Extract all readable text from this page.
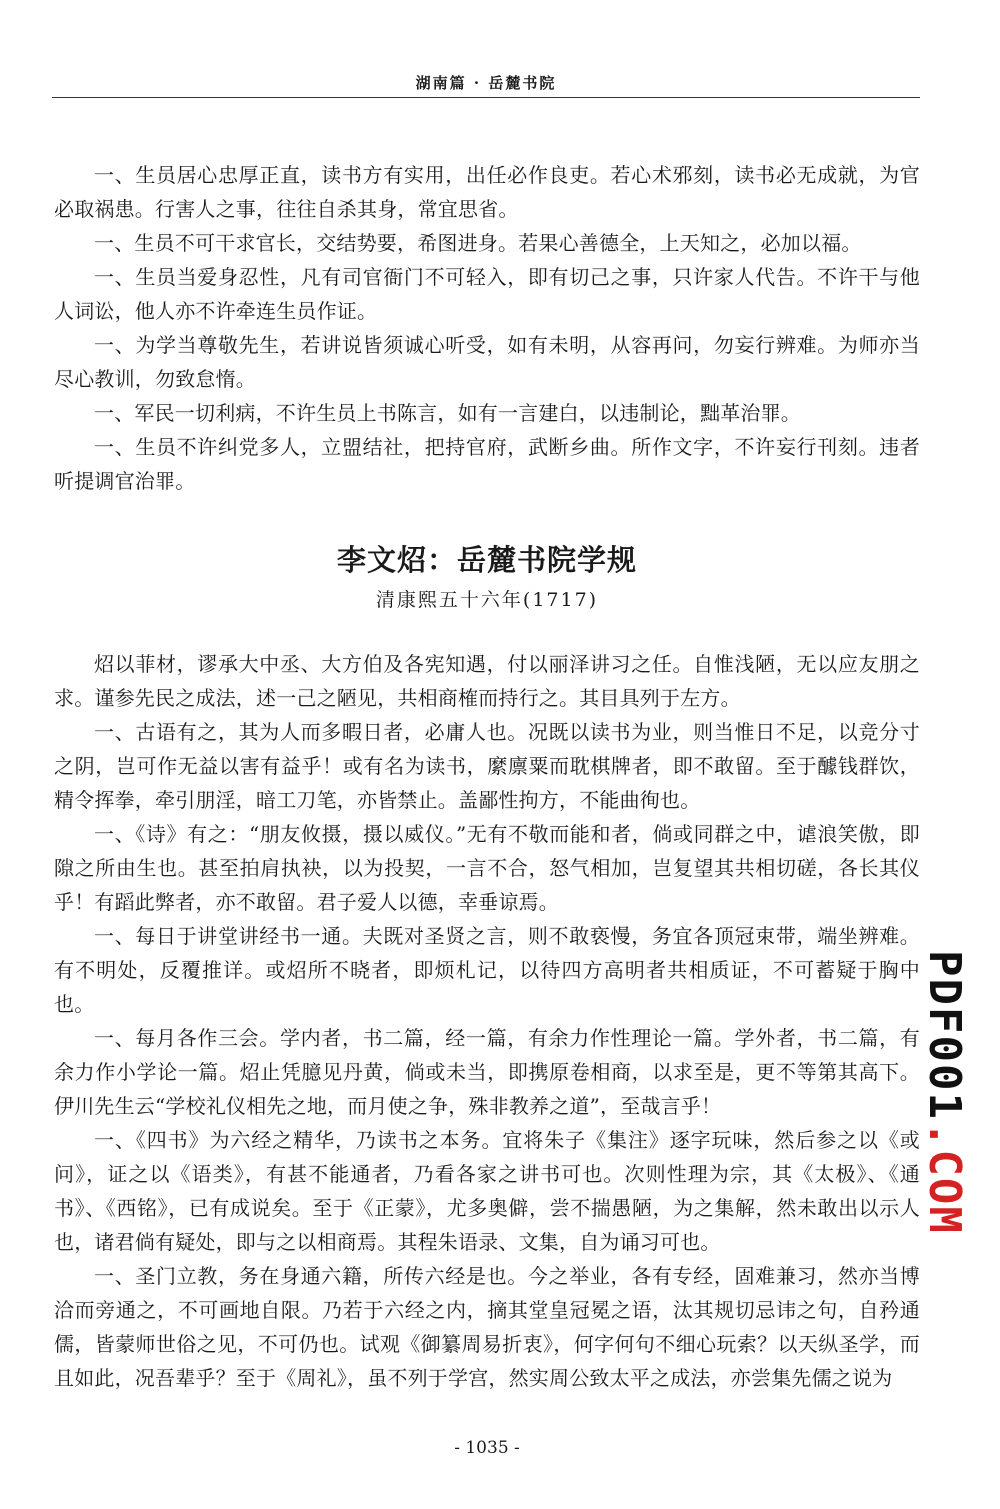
湖南篇 · 岳麓书院

一、生员居心忠厚正直，读书方有实用，出任必作良吏。若心术邪刻，读书必无成就，为官必取祸患。行害人之事，往往自杀其身，常宜思省。

一、生员不可干求官长，交结势要，希图进身。若果心善德全，上天知之，必加以福。

一、生员当爱身忍性，凡有司官衙门不可轻入，即有切己之事，只许家人代告。不许干与他人词讼，他人亦不许牵连生员作证。

一、为学当尊敬先生，若讲说皆须诚心听受，如有未明，从容再问，勿妄行辨难。为师亦当尽心教训，勿致怠惰。

一、军民一切利病，不许生员上书陈言，如有一言建白，以违制论，黜革治罪。

一、生员不许纠党多人，立盟结社，把持官府，武断乡曲。所作文字，不许妄行刊刻。违者听提调官治罪。

李文炤：岳麓书院学规
清康熙五十六年(1717)

炤以菲材，谬承大中丞、大方伯及各宪知遇，付以丽泽讲习之任。自惟浅陋，无以应友朋之求。谨参先民之成法，述一己之陋见，共相商榷而持行之。其目具列于左方。

一、古语有之，其为人而多暇日者，必庸人也。况既以读书为业，则当惟日不足，以竞分寸之阴，岂可作无益以害有益乎！或有名为读书，縻廪粟而耽棋牌者，即不敢留。至于醵钱群饮，精令挥拳，牵引朋淫，暗工刀笔，亦皆禁止。盖鄙性拘方，不能曲徇也。

一、《诗》有之：“朋友攸摄，摄以威仪。”无有不敬而能和者，倘或同群之中，谑浪笑傲，即隙之所由生也。甚至拍肩执袂，以为投契，一言不合，怒气相加，岂复望其共相切磋，各长其仪乎！有蹈此弊者，亦不敢留。君子爱人以德，幸垂谅焉。

一、每日于讲堂讲经书一通。夫既对圣贤之言，则不敢亵慢，务宜各顶冠束带，端坐辨难。有不明处，反覆推详。或炤所不晓者，即烦札记，以待四方高明者共相质证，不可蓄疑于胸中也。

一、每月各作三会。学内者，书二篇，经一篇，有余力作性理论一篇。学外者，书二篇，有余力作小学论一篇。炤止凭臆见丹黄，倘或未当，即携原卷相商，以求至是，更不等第其高下。伊川先生云“学校礼仪相先之地，而月使之争，殊非教养之道”，至哉言乎！

一、《四书》为六经之精华，乃读书之本务。宜将朱子《集注》逐字玩味，然后参之以《或问》，证之以《语类》，有甚不能通者，乃看各家之讲书可也。次则性理为宗，其《太极》、《通书》、《西铭》，已有成说矣。至于《正蒙》，尤多奥僻，尝不揣愚陋，为之集解，然未敢出以示人也，诸君倘有疑处，即与之以相商焉。其程朱语录、文集，自为诵习可也。

一、圣门立教，务在身通六籍，所传六经是也。今之举业，各有专经，固难兼习，然亦当博洽而旁通之，不可画地自限。乃若于六经之内，摘其堂皇冠冕之语，汰其规切忌讳之句，自矜通儒，皆蒙师世俗之见，不可仍也。试观《御纂周易折衷》，何字何句不细心玩索？以天纵圣学，而且如此，况吾辈乎？至于《周礼》，虽不列于学宫，然实周公致太平之成法，亦尝集先儒之说为

PDF001.COM
- 1035 -
